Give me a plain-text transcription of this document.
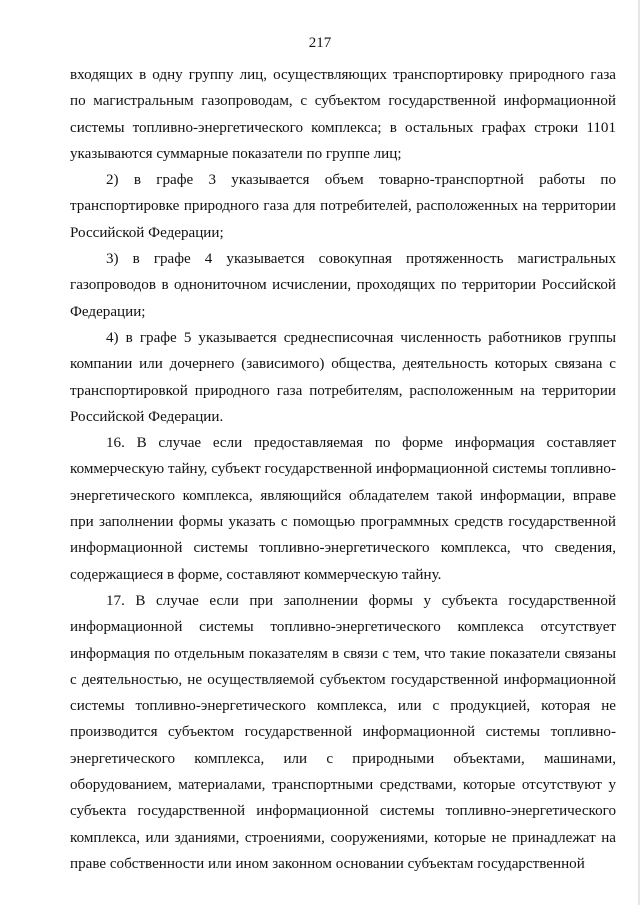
217

входящих в одну группу лиц, осуществляющих транспортировку природного газа по магистральным газопроводам, с субъектом государственной информационной системы топливно-энергетического комплекса; в остальных графах строки 1101 указываются суммарные показатели по группе лиц;

2) в графе 3 указывается объем товарно-транспортной работы по транспортировке природного газа для потребителей, расположенных на территории Российской Федерации;

3) в графе 4 указывается совокупная протяженность магистральных газопроводов в однониточном исчислении, проходящих по территории Российской Федерации;

4) в графе 5 указывается среднесписочная численность работников группы компании или дочернего (зависимого) общества, деятельность которых связана с транспортировкой природного газа потребителям, расположенным на территории Российской Федерации.

16. В случае если предоставляемая по форме информация составляет коммерческую тайну, субъект государственной информационной системы топливно-энергетического комплекса, являющийся обладателем такой информации, вправе при заполнении формы указать с помощью программных средств государственной информационной системы топливно-энергетического комплекса, что сведения, содержащиеся в форме, составляют коммерческую тайну.

17. В случае если при заполнении формы у субъекта государственной информационной системы топливно-энергетического комплекса отсутствует информация по отдельным показателям в связи с тем, что такие показатели связаны с деятельностью, не осуществляемой субъектом государственной информационной системы топливно-энергетического комплекса, или с продукцией, которая не производится субъектом государственной информационной системы топливно-энергетического комплекса, или с природными объектами, машинами, оборудованием, материалами, транспортными средствами, которые отсутствуют у субъекта государственной информационной системы топливно-энергетического комплекса, или зданиями, строениями, сооружениями, которые не принадлежат на праве собственности или ином законном основании субъектам государственной
